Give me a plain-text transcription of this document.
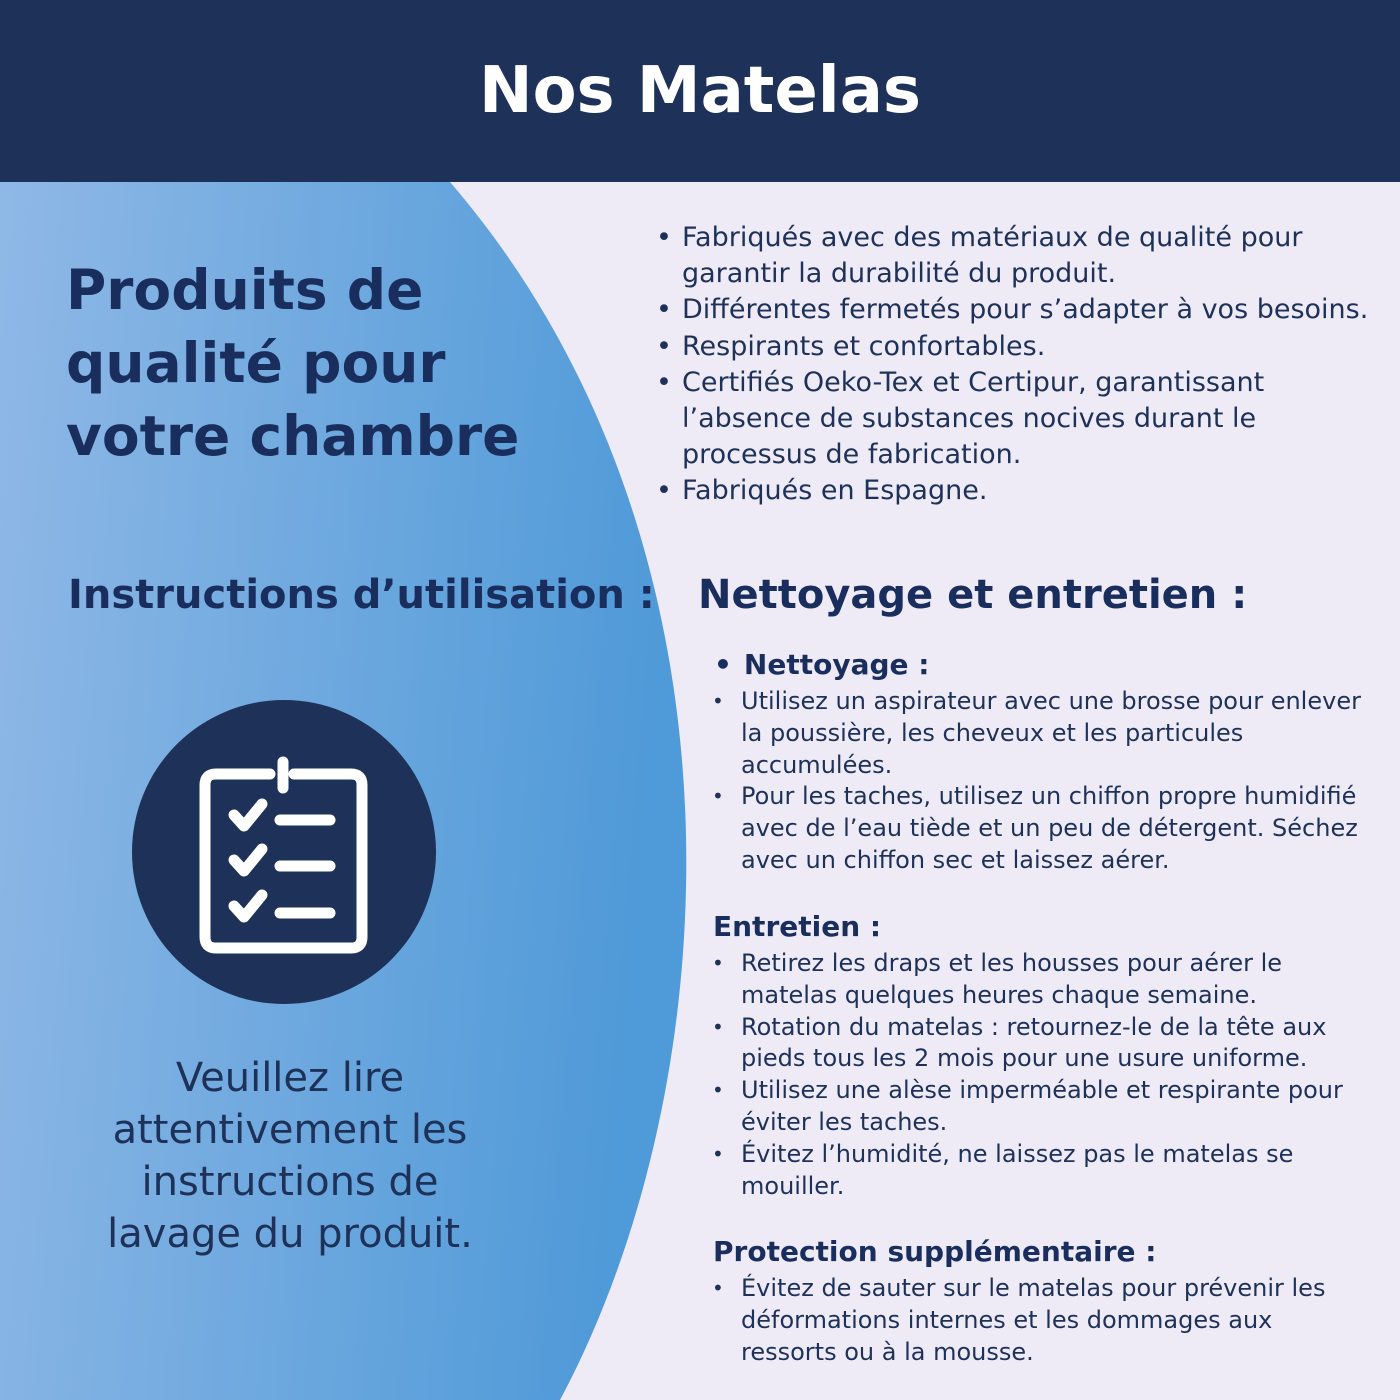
Nos Matelas
Produits de qualité pour votre chambre
Instructions d’utilisation :

Veuillez lire attentivement les instructions de lavage du produit.

• Fabriqués avec des matériaux de qualité pour garantir la durabilité du produit.
• Différentes fermetés pour s’adapter à vos besoins.
• Respirants et confortables.
• Certifiés Oeko-Tex et Certipur, garantissant l’absence de substances nocives durant le processus de fabrication.
• Fabriqués en Espagne.
Nettoyage et entretien :
• Nettoyage :
• Utilisez un aspirateur avec une brosse pour enlever la poussière, les cheveux et les particules accumulées.
• Pour les taches, utilisez un chiffon propre humidifié avec de l’eau tiède et un peu de détergent. Séchez avec un chiffon sec et laissez aérer.
Entretien :
• Retirez les draps et les housses pour aérer le matelas quelques heures chaque semaine.
• Rotation du matelas : retournez-le de la tête aux pieds tous les 2 mois pour une usure uniforme.
• Utilisez une alèse imperméable et respirante pour éviter les taches.
• Évitez l’humidité, ne laissez pas le matelas se mouiller.
Protection supplémentaire :
• Évitez de sauter sur le matelas pour prévenir les déformations internes et les dommages aux ressorts ou à la mousse.
